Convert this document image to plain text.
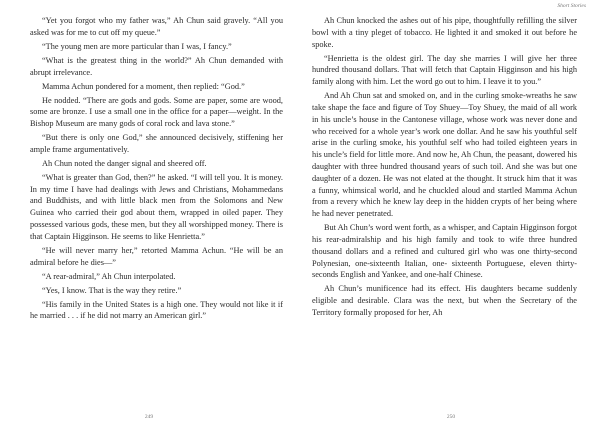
“Yet you forgot who my father was,” Ah Chun said gravely. “All you asked was for me to cut off my queue.”

“The young men are more particular than I was, I fancy.”

“What is the greatest thing in the world?” Ah Chun demanded with abrupt irrelevance.

Mamma Achun pondered for a moment, then replied: “God.”

He nodded. “There are gods and gods. Some are paper, some are wood, some are bronze. I use a small one in the office for a paper—weight. In the Bishop Museum are many gods of coral rock and lava stone.”

“But there is only one God,” she announced decisively, stiffening her ample frame argumentatively.

Ah Chun noted the danger signal and sheered off.

“What is greater than God, then?” he asked. “I will tell you. It is money. In my time I have had dealings with Jews and Christians, Mohammedans and Buddhists, and with little black men from the Solomons and New Guinea who carried their god about them, wrapped in oiled paper. They possessed various gods, these men, but they all worshipped money. There is that Captain Higginson. He seems to like Henrietta.”

“He will never marry her,” retorted Mamma Achun. “He will be an admiral before he dies—”

“A rear-admiral,” Ah Chun interpolated.

“Yes, I know. That is the way they retire.”

“His family in the United States is a high one. They would not like it if he married . . . if he did not marry an American girl.”

249
Short Stories

Ah Chun knocked the ashes out of his pipe, thoughtfully refilling the silver bowl with a tiny pleget of tobacco. He lighted it and smoked it out before he spoke.

“Henrietta is the oldest girl. The day she marries I will give her three hundred thousand dollars. That will fetch that Captain Higginson and his high family along with him. Let the word go out to him. I leave it to you.”

And Ah Chun sat and smoked on, and in the curling smoke-wreaths he saw take shape the face and figure of Toy Shuey—Toy Shuey, the maid of all work in his uncle’s house in the Cantonese village, whose work was never done and who received for a whole year’s work one dollar. And he saw his youthful self arise in the curling smoke, his youthful self who had toiled eighteen years in his uncle’s field for little more. And now he, Ah Chun, the peasant, dowered his daughter with three hundred thousand years of such toil. And she was but one daughter of a dozen. He was not elated at the thought. It struck him that it was a funny, whimsical world, and he chuckled aloud and startled Mamma Achun from a revery which he knew lay deep in the hidden crypts of her being where he had never penetrated.

But Ah Chun’s word went forth, as a whisper, and Captain Higginson forgot his rear-admiralship and his high family and took to wife three hundred thousand dollars and a refined and cultured girl who was one thirty-second Polynesian, one-sixteenth Italian, one- sixteenth Portuguese, eleven thirty-seconds English and Yankee, and one-half Chinese.

Ah Chun’s munificence had its effect. His daughters became suddenly eligible and desirable. Clara was the next, but when the Secretary of the Territory formally proposed for her, Ah

250
